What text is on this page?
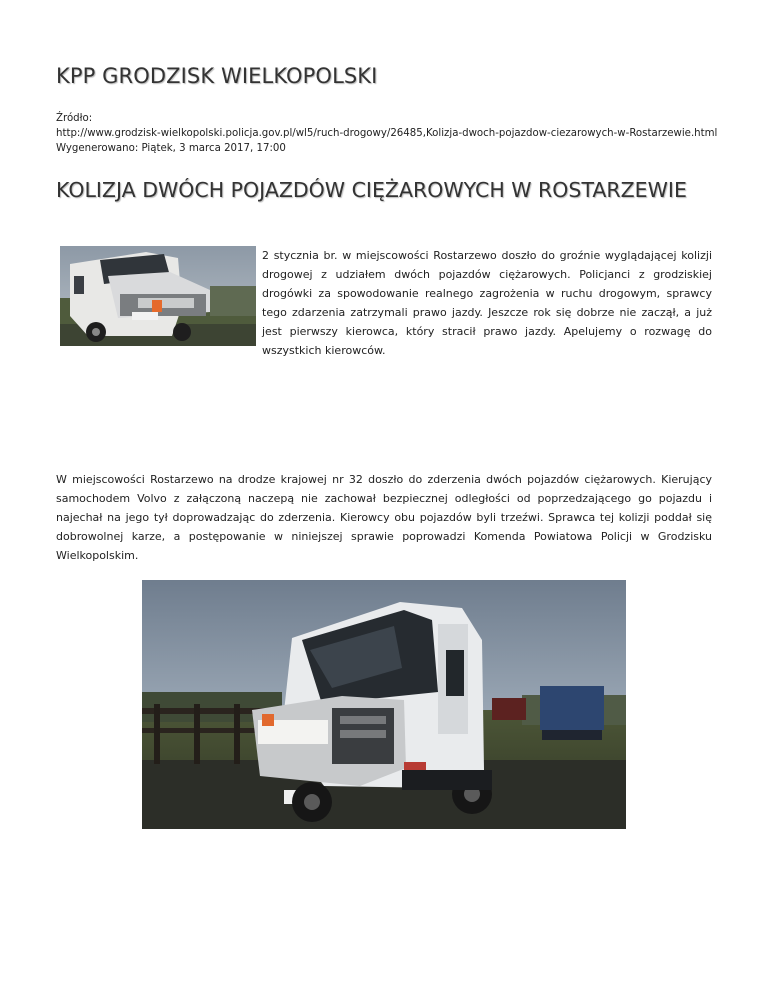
KPP GRODZISK WIELKOPOLSKI
Źródło:

http://www.grodzisk-wielkopolski.policja.gov.pl/wl5/ruch-drogowy/26485,Kolizja-dwoch-pojazdow-ciezarowych-w-Rostarzewie.html
Wygenerowano: Piątek, 3 marca 2017, 17:00
KOLIZJA DWÓCH POJAZDÓW CIĘŻAROWYCH W ROSTARZEWIE

2 stycznia br. w miejscowości Rostarzewo doszło do groźnie wyglądającej kolizji drogowej z udziałem dwóch pojazdów ciężarowych. Policjanci z grodziskiej drogówki za spowodowanie realnego zagrożenia w ruchu drogowym, sprawcy tego zdarzenia zatrzymali prawo jazdy. Jeszcze rok się dobrze nie zaczął, a już jest pierwszy kierowca, który stracił prawo jazdy. Apelujemy o rozwagę do wszystkich kierowców.

W miejscowości Rostarzewo na drodze krajowej nr 32 doszło do zderzenia dwóch pojazdów ciężarowych. Kierujący samochodem Volvo z załączoną naczepą nie zachował bezpiecznej odległości od poprzedzającego go pojazdu i najechał na jego tył doprowadzając do zderzenia. Kierowcy obu pojazdów byli trzeźwi. Sprawca tej kolizji poddał się dobrowolnej karze, a postępowanie w niniejszej sprawie poprowadzi Komenda Powiatowa Policji w Grodzisku Wielkopolskim.
